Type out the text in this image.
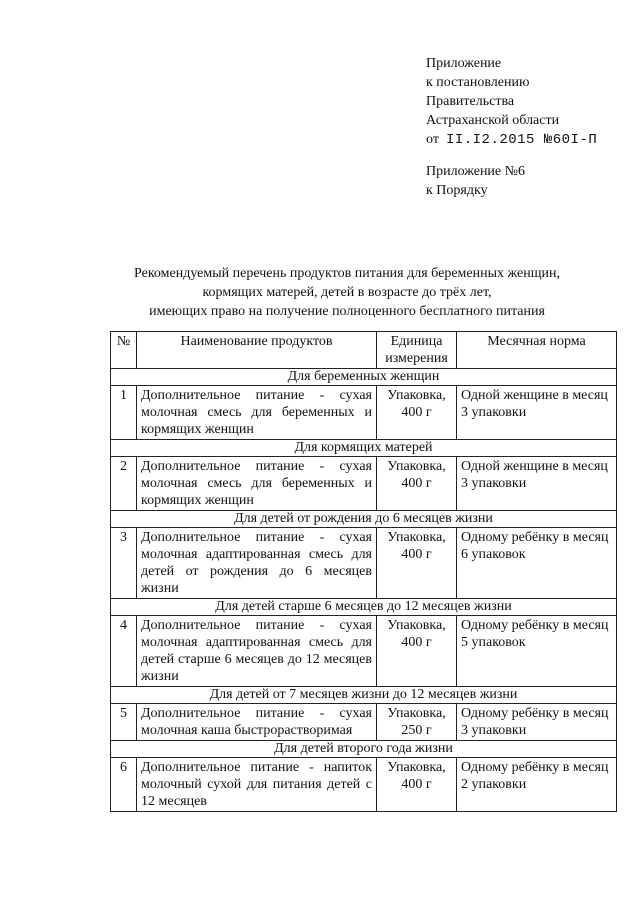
Приложение
к постановлению
Правительства
Астраханской области
от II.I2.2015 №60I-П
Приложение №6
к Порядку
Рекомендуемый перечень продуктов питания для беременных женщин,
кормящих матерей, детей в возрасте до трёх лет,
имеющих право на получение полноценного бесплатного питания
№	Наименование продуктов	Единица измерения	Месячная норма
Для беременных женщин			
1	Дополнительное питание - сухая молочная смесь для беременных и кормящих женщин	Упаковка, 400 г	Одной женщине в месяц 3 упаковки
Для кормящих матерей			
2	Дополнительное питание - сухая молочная смесь для беременных и кормящих женщин	Упаковка, 400 г	Одной женщине в месяц 3 упаковки
Для детей от рождения до 6 месяцев жизни			
3	Дополнительное питание - сухая молочная адаптированная смесь для детей от рождения до 6 месяцев жизни	Упаковка, 400 г	Одному ребёнку в месяц 6 упаковок
Для детей старше 6 месяцев до 12 месяцев жизни			
4	Дополнительное питание - сухая молочная адаптированная смесь для детей старше 6 месяцев до 12 месяцев жизни	Упаковка, 400 г	Одному ребёнку в месяц 5 упаковок
Для детей от 7 месяцев жизни до 12 месяцев жизни			
5	Дополнительное питание - сухая молочная каша быстрорастворимая	Упаковка, 250 г	Одному ребёнку в месяц 3 упаковки
Для детей второго года жизни			
6	Дополнительное питание - напиток молочный сухой для питания детей с 12 месяцев	Упаковка, 400 г	Одному ребёнку в месяц 2 упаковки
